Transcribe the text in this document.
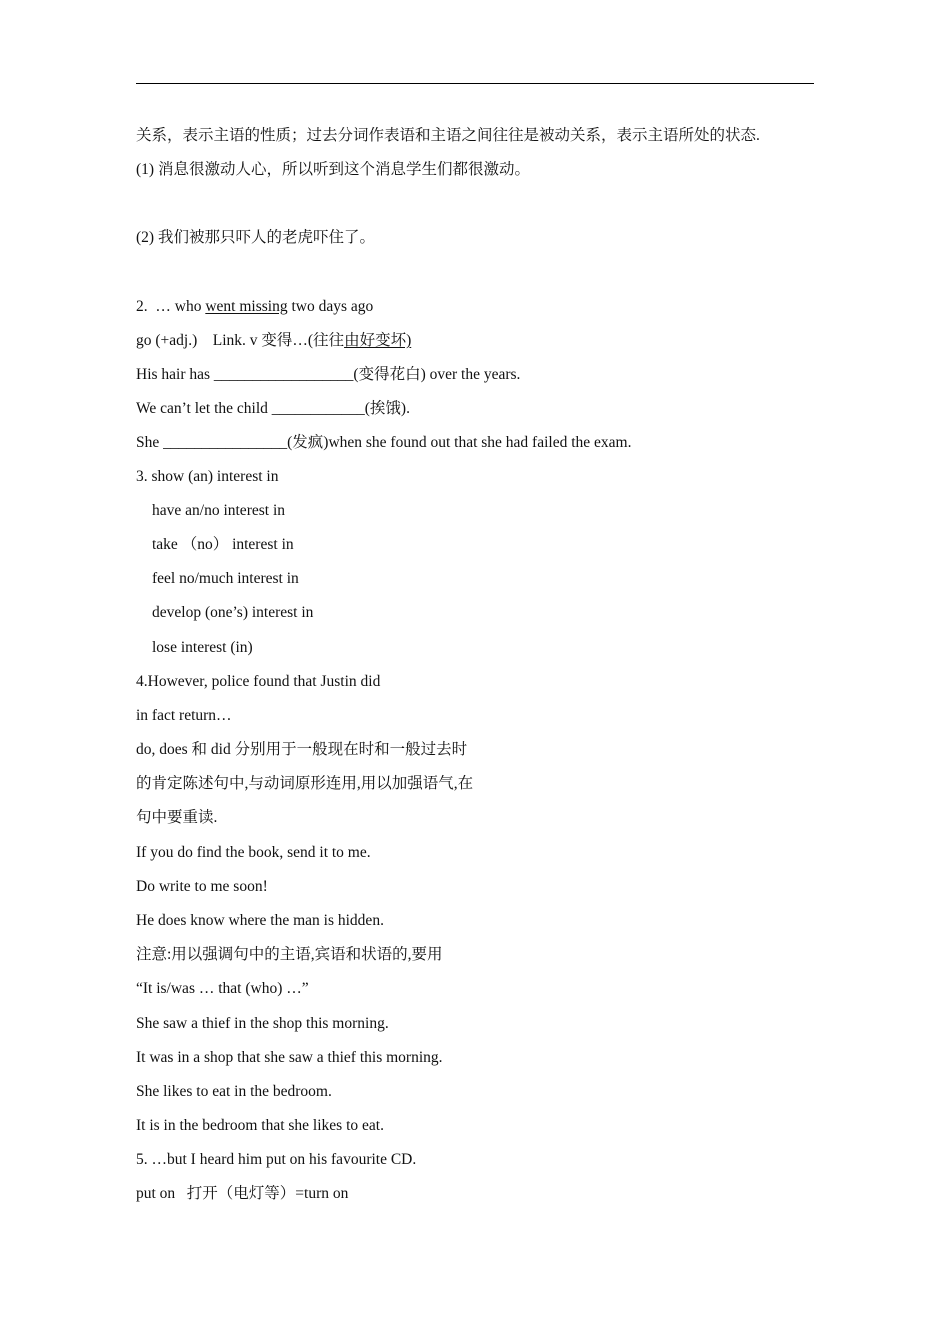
关系，表示主语的性质；过去分词作表语和主语之间往往是被动关系，表示主语所处的状态.
(1) 消息很激动人心，所以听到这个消息学生们都很激动。
(2) 我们被那只吓人的老虎吓住了。
2.  … who went missing two days ago
go (+adj.)    Link. v 变得…(往往由好变坏)
His hair has __________________(变得花白) over the years.
We can’t let the child ____________(挨饿).
She ________________(发疯)when she found out that she had failed the exam.
3. show (an) interest in
have an/no interest in
take （no） interest in
feel no/much interest in
develop (one’s) interest in
lose interest (in)
4.However, police found that Justin did
in fact return…
do, does 和 did 分别用于一般现在时和一般过去时
的肯定陈述句中,与动词原形连用,用以加强语气,在
句中要重读.
If you do find the book, send it to me.
Do write to me soon!
He does know where the man is hidden.
注意:用以强调句中的主语,宾语和状语的,要用
“It is/was … that (who) …”
She saw a thief in the shop this morning.
It was in a shop that she saw a thief this morning.
She likes to eat in the bedroom.
It is in the bedroom that she likes to eat.
5. …but I heard him put on his favourite CD.
put on   打开（电灯等）=turn on
